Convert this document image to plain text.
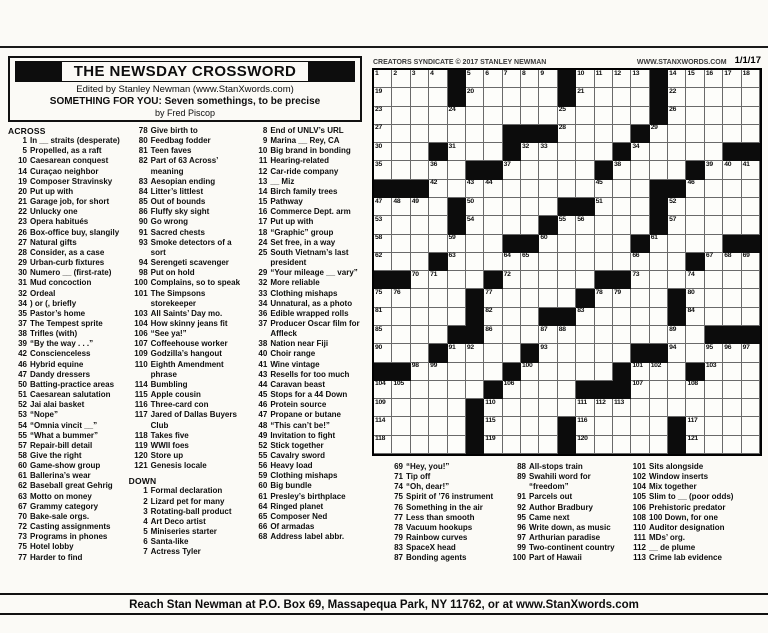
THE NEWSDAY CROSSWORD
Edited by Stanley Newman (www.StanXwords.com)
SOMETHING FOR YOU: Seven somethings, to be precise
by Fred Piscop
ACROSS
1 In __ straits (desperate)
5 Propelled, as a raft
10 Caesarean conquest
14 Curaçao neighbor
19 Composer Stravinsky
20 Put up with
21 Garage job, for short
22 Unlucky one
23 Opera habitués
26 Box-office buy, slangily
27 Natural gifts
28 Consider, as a case
29 Urban-curb fixtures
30 Numero __ (first-rate)
31 Mud concoction
32 Ordeal
34 ) or (, briefly
35 Pastor’s home
37 The Tempest sprite
38 Trifles (with)
39 “By the way . . .”
42 Conscienceless
46 Hybrid equine
47 Dandy dressers
50 Batting-practice areas
51 Caesarean salutation
52 Jai alai basket
53 “Nope”
54 “Omnia vincit __”
55 “What a bummer”
57 Repair-bill detail
58 Give the right
60 Game-show group
61 Ballerina’s wear
62 Baseball great Gehrig
63 Motto on money
67 Grammy category
70 Bake-sale orgs.
72 Casting assignments
73 Programs in phones
75 Hotel lobby
77 Harder to find
78 Give birth to
80 Feedbag fodder
81 Teen faves
82 Part of 63 Across’ meaning
83 Aesopian ending
84 Litter’s littlest
85 Out of bounds
86 Fluffy sky sight
90 Go wrong
91 Sacred chests
93 Smoke detectors of a sort
94 Serengeti scavenger
98 Put on hold
100 Complains, so to speak
101 The Simpsons storekeeper
103 All Saints’ Day mo.
104 How skinny jeans fit
106 “See ya!”
107 Coffeehouse worker
109 Godzilla’s hangout
110 Eighth Amendment phrase
114 Bumbling
115 Apple cousin
116 Three-card con
117 Jared of Dallas Buyers Club
118 Takes five
119 WWII foes
120 Store up
121 Genesis locale
DOWN
1 Formal declaration
2 Lizard pet for many
3 Rotating-ball product
4 Art Deco artist
5 Miniseries starter
6 Santa-like
7 Actress Tyler
8 End of UNLV’s URL
9 Marina __ Rey, CA
10 Big brand in bonding
11 Hearing-related
12 Car-ride company
13 __ Miz
14 Birch family trees
15 Pathway
16 Commerce Dept. arm
17 Put up with
18 “Graphic” group
24 Set free, in a way
25 South Vietnam’s last president
29 “Your mileage __ vary”
32 More reliable
33 Clothing mishaps
34 Unnatural, as a photo
36 Edible wrapped rolls
37 Producer Oscar film for Affleck
38 Nation near Fiji
40 Choir range
41 Wine vintage
43 Resells for too much
44 Caravan beast
45 Stops for a 44 Down
46 Protein source
47 Propane or butane
48 “This can’t be!”
49 Invitation to fight
52 Stick together
55 Cavalry sword
56 Heavy load
59 Clothing mishaps
60 Big bundle
61 Presley’s birthplace
64 Ringed planet
65 Composer Ned
66 Of armadas
68 Address label abbr.
CREATORS SYNDICATE © 2017 STANLEY NEWMAN	WWW.STANXWORDS.COM 1/1/17
1 2 3 4	5 6 7 8 9	10 11 12 13	14 15 16 17 18
19	20	21	22
23	24	25	26
27	28	29
30	31	32 33	34
35	36	37	38	39 40 41
42	43 44	45	46
47 48 49	50	51	52
53	54	55 56	57
58	59	60	61
62	63	64 65	66	67 68 69
70 71	72	73	74
75 76	77	78 79	80
81	82	83	84
85	86	87 88	89
90	91 92	93	94	95 96 97
98 99	100	101 102	103
104 105	106	107	108
109	110	111 112 113
114	115	116	117
118	119	120	121
69 “Hey, you!”
71 Tip off
74 “Oh, dear!”
75 Spirit of ’76 instrument
76 Something in the air
77 Less than smooth
78 Vacuum hookups
79 Rainbow curves
83 SpaceX head
87 Bonding agents
88 All-stops train
89 Swahili word for “freedom”
91 Parcels out
92 Author Bradbury
95 Came next
96 Write down, as music
97 Arthurian paradise
99 Two-continent country
100 Part of Hawaii
101 Sits alongside
102 Window inserts
104 Mix together
105 Slim to __ (poor odds)
106 Prehistoric predator
108 100 Down, for one
110 Auditor designation
111 MDs’ org.
112 __ de plume
113 Crime lab evidence
Reach Stan Newman at P.O. Box 69, Massapequa Park, NY 11762, or at www.StanXwords.com
